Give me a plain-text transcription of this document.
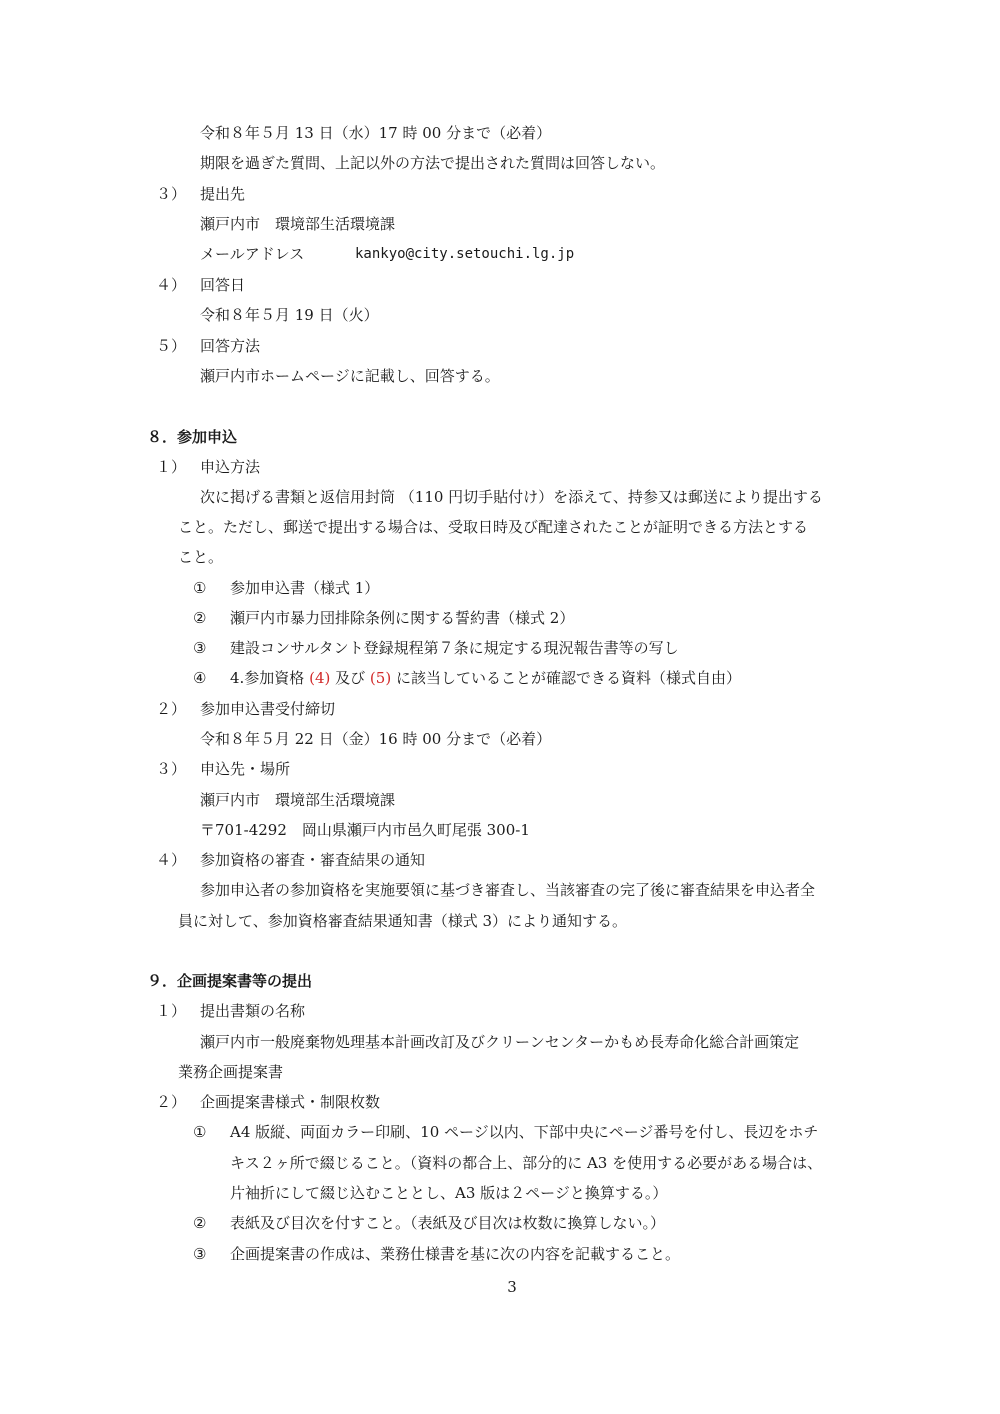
令和８年５月 13 日（水）17 時 00 分まで（必着）
期限を過ぎた質問、上記以外の方法で提出された質問は回答しない。
３） 提出先
瀬戸内市　環境部生活環境課
メールアドレス	kankyo@city.setouchi.lg.jp
４） 回答日
令和８年５月 19 日（火）
５） 回答方法
瀬戸内市ホームページに記載し、回答する。
８．参加申込
１） 申込方法
次に掲げる書類と返信用封筒 （110 円切手貼付け）を添えて、持参又は郵送により提出する
こと。ただし、郵送で提出する場合は、受取日時及び配達されたことが証明できる方法とする
こと。
① 参加申込書（様式 1）
② 瀬戸内市暴力団排除条例に関する誓約書（様式 2）
③ 建設コンサルタント登録規程第７条に規定する現況報告書等の写し
④ 4.参加資格 (4) 及び (5) に該当していることが確認できる資料（様式自由）
２） 参加申込書受付締切
令和８年５月 22 日（金）16 時 00 分まで（必着）
３） 申込先・場所
瀬戸内市　環境部生活環境課
〒701-4292　岡山県瀬戸内市邑久町尾張 300-1
４） 参加資格の審査・審査結果の通知
参加申込者の参加資格を実施要領に基づき審査し、当該審査の完了後に審査結果を申込者全
員に対して、参加資格審査結果通知書（様式 3）により通知する。
９．企画提案書等の提出
１） 提出書類の名称
瀬戸内市一般廃棄物処理基本計画改訂及びクリーンセンターかもめ長寿命化総合計画策定
業務企画提案書
２） 企画提案書様式・制限枚数
① A4 版縦、両面カラー印刷、10 ページ以内、下部中央にページ番号を付し、長辺をホチ
キス２ヶ所で綴じること。（資料の都合上、部分的に A3 を使用する必要がある場合は、
片袖折にして綴じ込むこととし、A3 版は２ページと換算する。）
② 表紙及び目次を付すこと。（表紙及び目次は枚数に換算しない。）
③ 企画提案書の作成は、業務仕様書を基に次の内容を記載すること。
3
